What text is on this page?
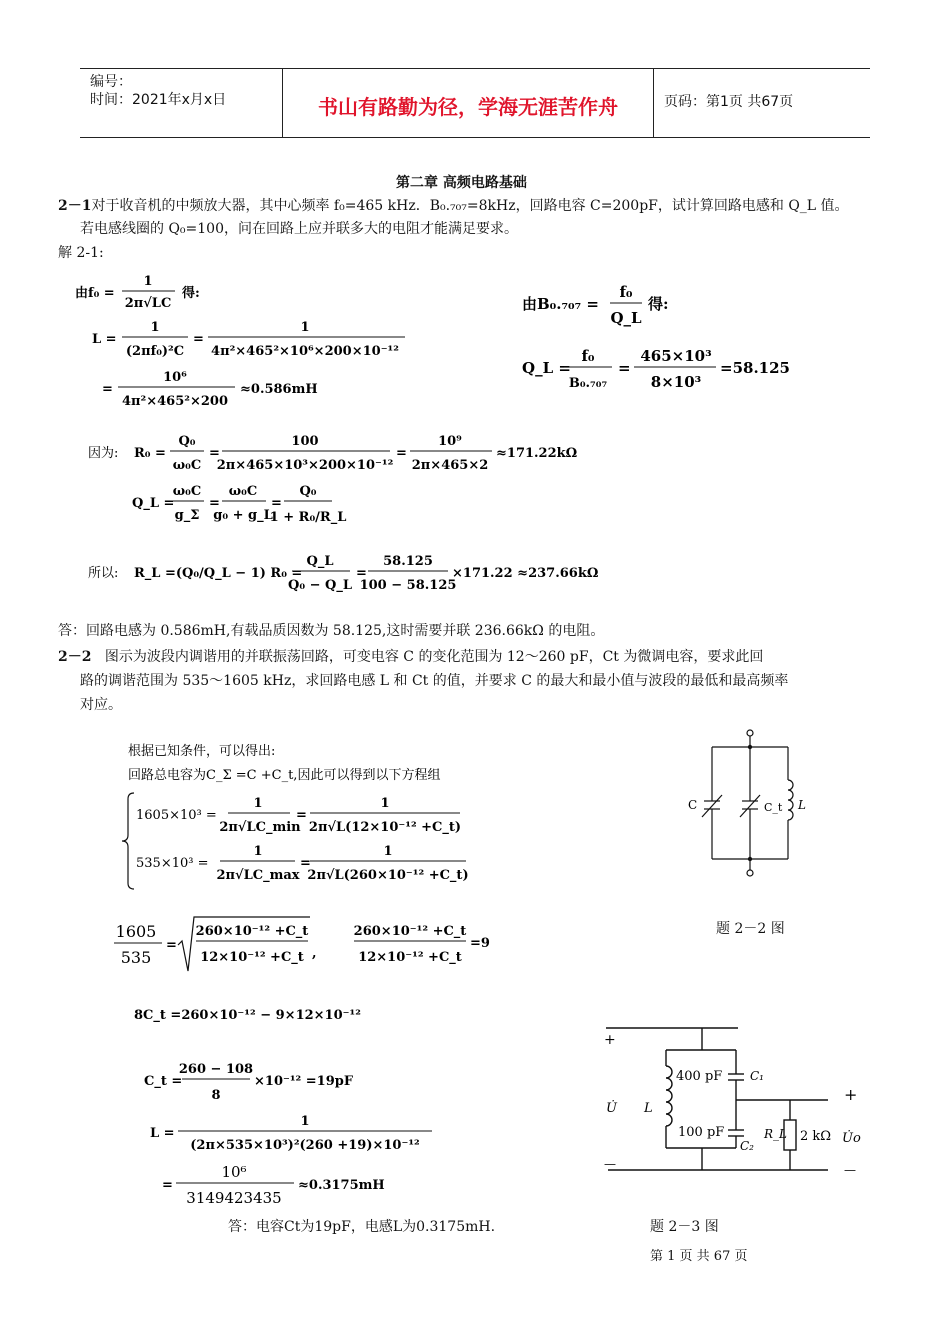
编号：
时间：2021年x月x日	书山有路勤为径，学海无涯苦作舟	页码：第1页 共67页
第二章 高频电路基础
2－1对于收音机的中频放大器，其中心频率 f₀=465 kHz．B₀.₇₀₇=8kHz，回路电容 C=200pF，试计算回路电感和 Q_L 值。
若电感线圈的 Q₀=100，问在回路上应并联多大的电阻才能满足要求。
解 2-1:
由f₀ =
1
2π√LC
得:
L =
1
(2πf₀)²C
=
1
4π²×465²×10⁶×200×10⁻¹²
=
10⁶
4π²×465²×200
≈0.586mH
由B₀.₇₀₇ =
f₀
Q_L
得:
Q_L =
f₀
B₀.₇₀₇
=
465×10³
8×10³
=58.125
因为: R₀ =
Q₀
ω₀C
=
100
2π×465×10³×200×10⁻¹²
=
10⁹
2π×465×2
≈171.22kΩ
Q_L =
ω₀C
g_Σ
=
ω₀C
g₀ + g_L
=
Q₀
1 + R₀/R_L
所以: R_L =(Q₀/Q_L − 1) R₀ =
Q_L
Q₀ − Q_L
=
58.125
100 − 58.125
×171.22 ≈237.66kΩ
答：回路电感为 0.586mH,有载品质因数为 58.125,这时需要并联 236.66kΩ 的电阻。
2－2 图示为波段内调谐用的并联振荡回路，可变电容 C 的变化范围为 12～260 pF，Ct 为微调电容，要求此回
路的调谐范围为 535～1605 kHz，求回路电感 L 和 Ct 的值，并要求 C 的最大和最小值与波段的最低和最高频率
对应。
根据已知条件，可以得出:
回路总电容为C_Σ =C +C_t,因此可以得到以下方程组
1605×10³ =
1
2π√LC_min
=
1
2π√L(12×10⁻¹² +C_t)
535×10³ =
1
2π√LC_max
=
1
2π√L(260×10⁻¹² +C_t)
1605
535
=
260×10⁻¹² +C_t
12×10⁻¹² +C_t ,
260×10⁻¹² +C_t
12×10⁻¹² +C_t
=9
8C_t =260×10⁻¹² − 9×12×10⁻¹²
C_t =
260 − 108
8
×10⁻¹² =19pF
L =
1
(2π×535×10³)²(260 +19)×10⁻¹²
=
10⁶
3149423435
≈0.3175mH
答：电容Ct为19pF，电感L为0.3175mH.
C	C_t L
题 2－2 图
+
—
U̇ L
400 pF C₁
100 pF
C₂
R_L 2 kΩ U̇o
+
—
题 2－3 图
第 1 页 共 67 页
